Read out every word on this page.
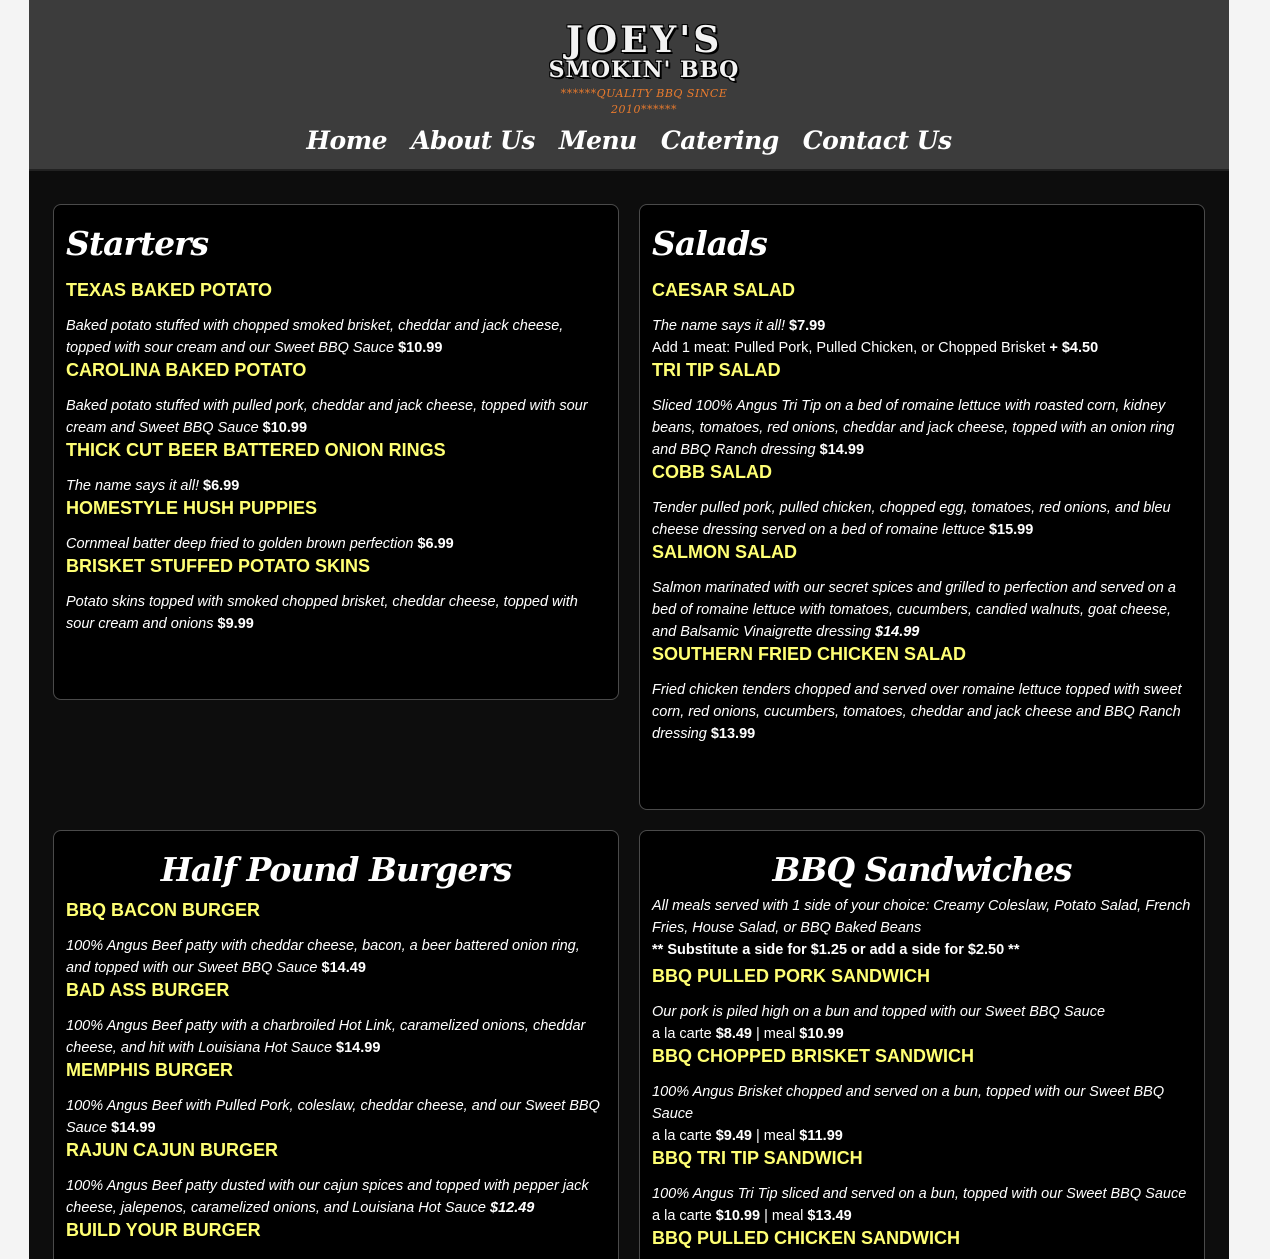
JOEY'S
SMOKIN' BBQ
******QUALITY BBQ SINCE 2010******
Home About Us Menu Catering Contact Us
Starters

TEXAS BAKED POTATO

Baked potato stuffed with chopped smoked brisket, cheddar and jack cheese, topped with sour cream and our Sweet BBQ Sauce $10.99

CAROLINA BAKED POTATO

Baked potato stuffed with pulled pork, cheddar and jack cheese, topped with sour cream and Sweet BBQ Sauce $10.99

THICK CUT BEER BATTERED ONION RINGS

The name says it all! $6.99

HOMESTYLE HUSH PUPPIES

Cornmeal batter deep fried to golden brown perfection $6.99

BRISKET STUFFED POTATO SKINS

Potato skins topped with smoked chopped brisket, cheddar cheese, topped with sour cream and onions $9.99

Salads

CAESAR SALAD

The name says it all! $7.99

Add 1 meat: Pulled Pork, Pulled Chicken, or Chopped Brisket + $4.50

TRI TIP SALAD

Sliced 100% Angus Tri Tip on a bed of romaine lettuce with roasted corn, kidney beans, tomatoes, red onions, cheddar and jack cheese, topped with an onion ring and BBQ Ranch dressing $14.99

COBB SALAD

Tender pulled pork, pulled chicken, chopped egg, tomatoes, red onions, and bleu cheese dressing served on a bed of romaine lettuce $15.99

SALMON SALAD

Salmon marinated with our secret spices and grilled to perfection and served on a bed of romaine lettuce with tomatoes, cucumbers, candied walnuts, goat cheese, and Balsamic Vinaigrette dressing $14.99

SOUTHERN FRIED CHICKEN SALAD

Fried chicken tenders chopped and served over romaine lettuce topped with sweet corn, red onions, cucumbers, tomatoes, cheddar and jack cheese and BBQ Ranch dressing $13.99

Half Pound Burgers

BBQ BACON BURGER

100% Angus Beef patty with cheddar cheese, bacon, a beer battered onion ring, and topped with our Sweet BBQ Sauce $14.49

BAD ASS BURGER

100% Angus Beef patty with a charbroiled Hot Link, caramelized onions, cheddar cheese, and hit with Louisiana Hot Sauce $14.99

MEMPHIS BURGER

100% Angus Beef with Pulled Pork, coleslaw, cheddar cheese, and our Sweet BBQ Sauce $14.99

RAJUN CAJUN BURGER

100% Angus Beef patty dusted with our cajun spices and topped with pepper jack cheese, jalepenos, caramelized onions, and Louisiana Hot Sauce $12.49

BUILD YOUR BURGER

BBQ Sandwiches

All meals served with 1 side of your choice: Creamy Coleslaw, Potato Salad, French Fries, House Salad, or BBQ Baked Beans

** Substitute a side for $1.25 or add a side for $2.50 **

BBQ PULLED PORK SANDWICH

Our pork is piled high on a bun and topped with our Sweet BBQ Sauce

a la carte $8.49 | meal $10.99

BBQ CHOPPED BRISKET SANDWICH

100% Angus Brisket chopped and served on a bun, topped with our Sweet BBQ Sauce

a la carte $9.49 | meal $11.99

BBQ TRI TIP SANDWICH

100% Angus Tri Tip sliced and served on a bun, topped with our Sweet BBQ Sauce

a la carte $10.99 | meal $13.49

BBQ PULLED CHICKEN SANDWICH
